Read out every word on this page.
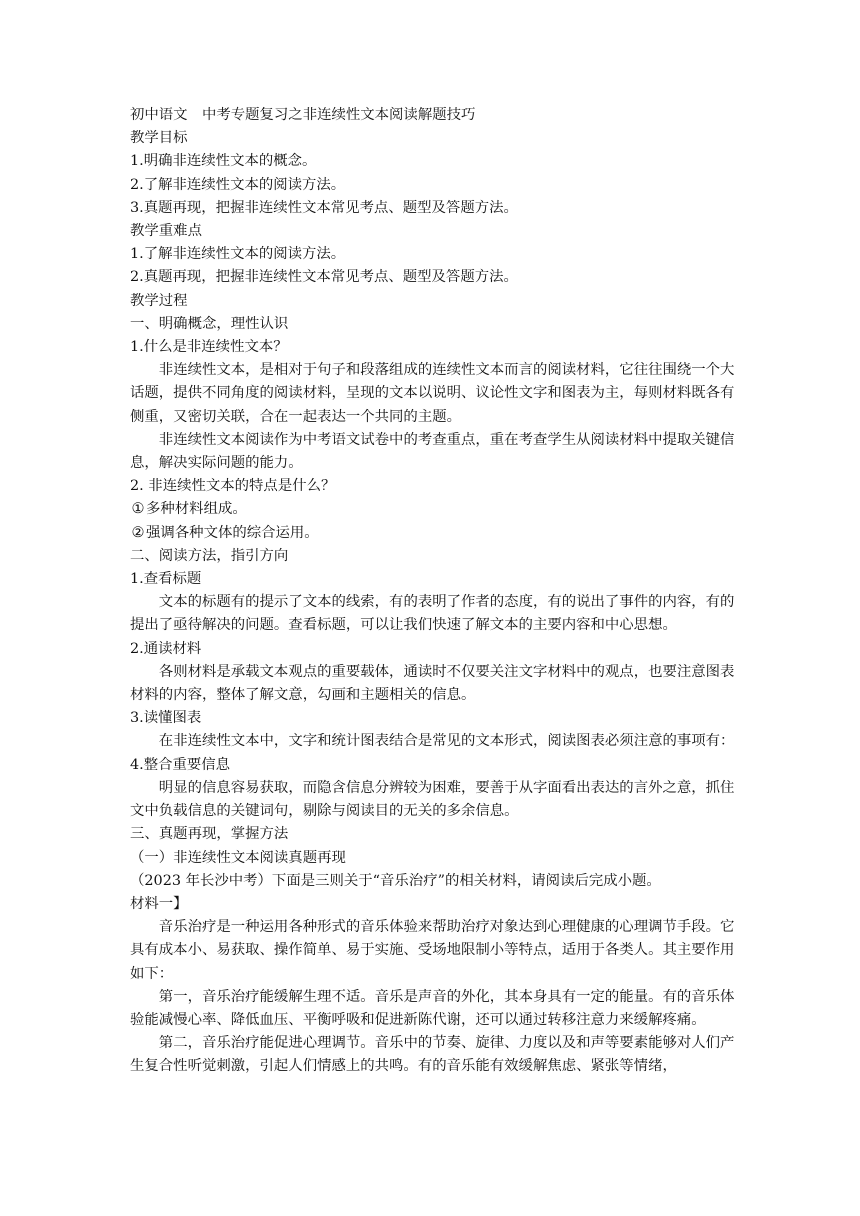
初中语文　中考专题复习之非连续性文本阅读解题技巧

教学目标

1.明确非连续性文本的概念。

2.了解非连续性文本的阅读方法。

3.真题再现，把握非连续性文本常见考点、题型及答题方法。

教学重难点

1.了解非连续性文本的阅读方法。

2.真题再现，把握非连续性文本常见考点、题型及答题方法。

教学过程

一、明确概念，理性认识

1.什么是非连续性文本？

非连续性文本，是相对于句子和段落组成的连续性文本而言的阅读材料，它往往围绕一个大话题，提供不同角度的阅读材料，呈现的文本以说明、议论性文字和图表为主，每则材料既各有侧重，又密切关联，合在一起表达一个共同的主题。

非连续性文本阅读作为中考语文试卷中的考查重点，重在考查学生从阅读材料中提取关键信息，解决实际问题的能力。

2. 非连续性文本的特点是什么？

① 多种材料组成。

② 强调各种文体的综合运用。

二、阅读方法，指引方向

1.查看标题

文本的标题有的提示了文本的线索，有的表明了作者的态度，有的说出了事件的内容，有的提出了亟待解决的问题。查看标题，可以让我们快速了解文本的主要内容和中心思想。

2.通读材料

各则材料是承载文本观点的重要载体，通读时不仅要关注文字材料中的观点，也要注意图表材料的内容，整体了解文意，勾画和主题相关的信息。

3.读懂图表

在非连续性文本中，文字和统计图表结合是常见的文本形式，阅读图表必须注意的事项有：

4.整合重要信息

明显的信息容易获取，而隐含信息分辨较为困难，要善于从字面看出表达的言外之意，抓住文中负载信息的关键词句，剔除与阅读目的无关的多余信息。

三、真题再现，掌握方法

（一）非连续性文本阅读真题再现

（2023 年长沙中考）下面是三则关于“音乐治疗”的相关材料，请阅读后完成小题。

材料一】

音乐治疗是一种运用各种形式的音乐体验来帮助治疗对象达到心理健康的心理调节手段。它具有成本小、易获取、操作简单、易于实施、受场地限制小等特点，适用于各类人。其主要作用如下：

第一，音乐治疗能缓解生理不适。音乐是声音的外化，其本身具有一定的能量。有的音乐体验能减慢心率、降低血压、平衡呼吸和促进新陈代谢，还可以通过转移注意力来缓解疼痛。

第二，音乐治疗能促进心理调节。音乐中的节奏、旋律、力度以及和声等要素能够对人们产生复合性听觉刺激，引起人们情感上的共鸣。有的音乐能有效缓解焦虑、紧张等情绪，
